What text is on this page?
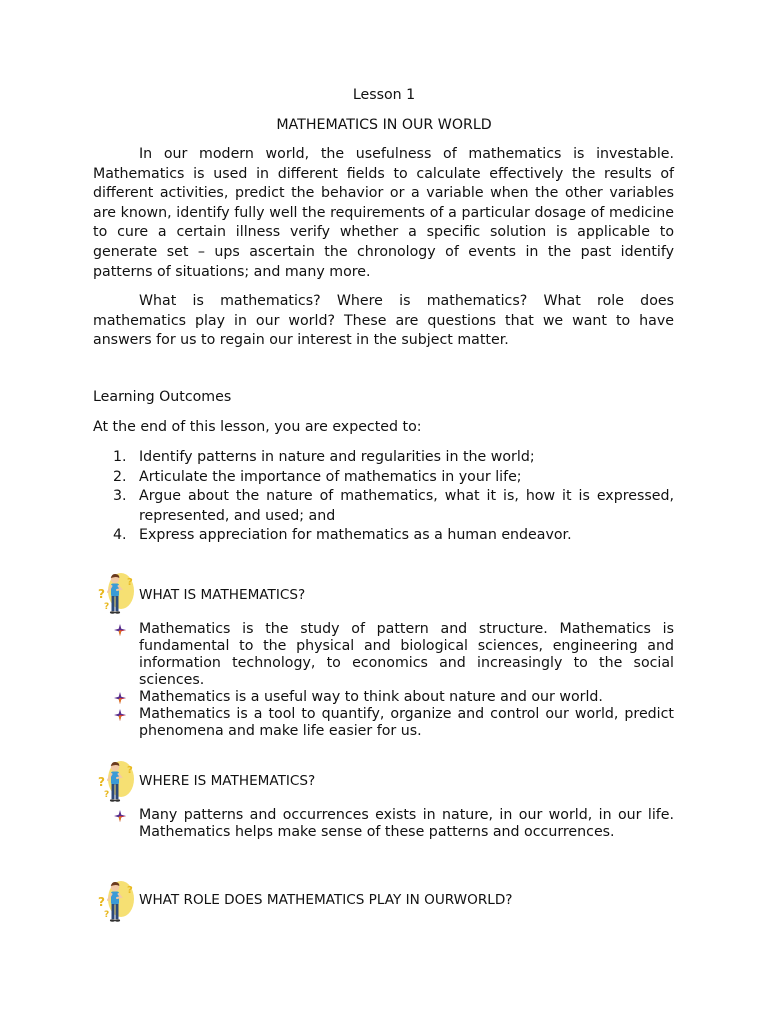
Lesson 1
MATHEMATICS IN OUR WORLD

In our modern world, the usefulness of mathematics is investable. Mathematics is used in different fields to calculate effectively the results of different activities, predict the behavior or a variable when the other variables are known, identify fully well the requirements of a particular dosage of medicine to cure a certain illness verify whether a specific solution is applicable to generate set – ups ascertain the chronology of events in the past identify patterns of situations; and many more.

What is mathematics? Where is mathematics? What role does mathematics play in our world? These are questions that we want to have answers for us to regain our interest in the subject matter.

Learning Outcomes
At the end of this lesson, you are expected to:
1. Identify patterns in nature and regularities in the world;
2. Articulate the importance of mathematics in your life;
3. Argue about the nature of mathematics, what it is, how it is expressed, represented, and used; and
4. Express appreciation for mathematics as a human endeavor.
WHAT IS MATHEMATICS?
Mathematics is the study of pattern and structure. Mathematics is fundamental to the physical and biological sciences, engineering and information technology, to economics and increasingly to the social sciences.
Mathematics is a useful way to think about nature and our world.
Mathematics is a tool to quantify, organize and control our world, predict phenomena and make life easier for us.
WHERE IS MATHEMATICS?
Many patterns and occurrences exists in nature, in our world, in our life. Mathematics helps make sense of these patterns and occurrences.
WHAT ROLE DOES MATHEMATICS PLAY IN OURWORLD?
